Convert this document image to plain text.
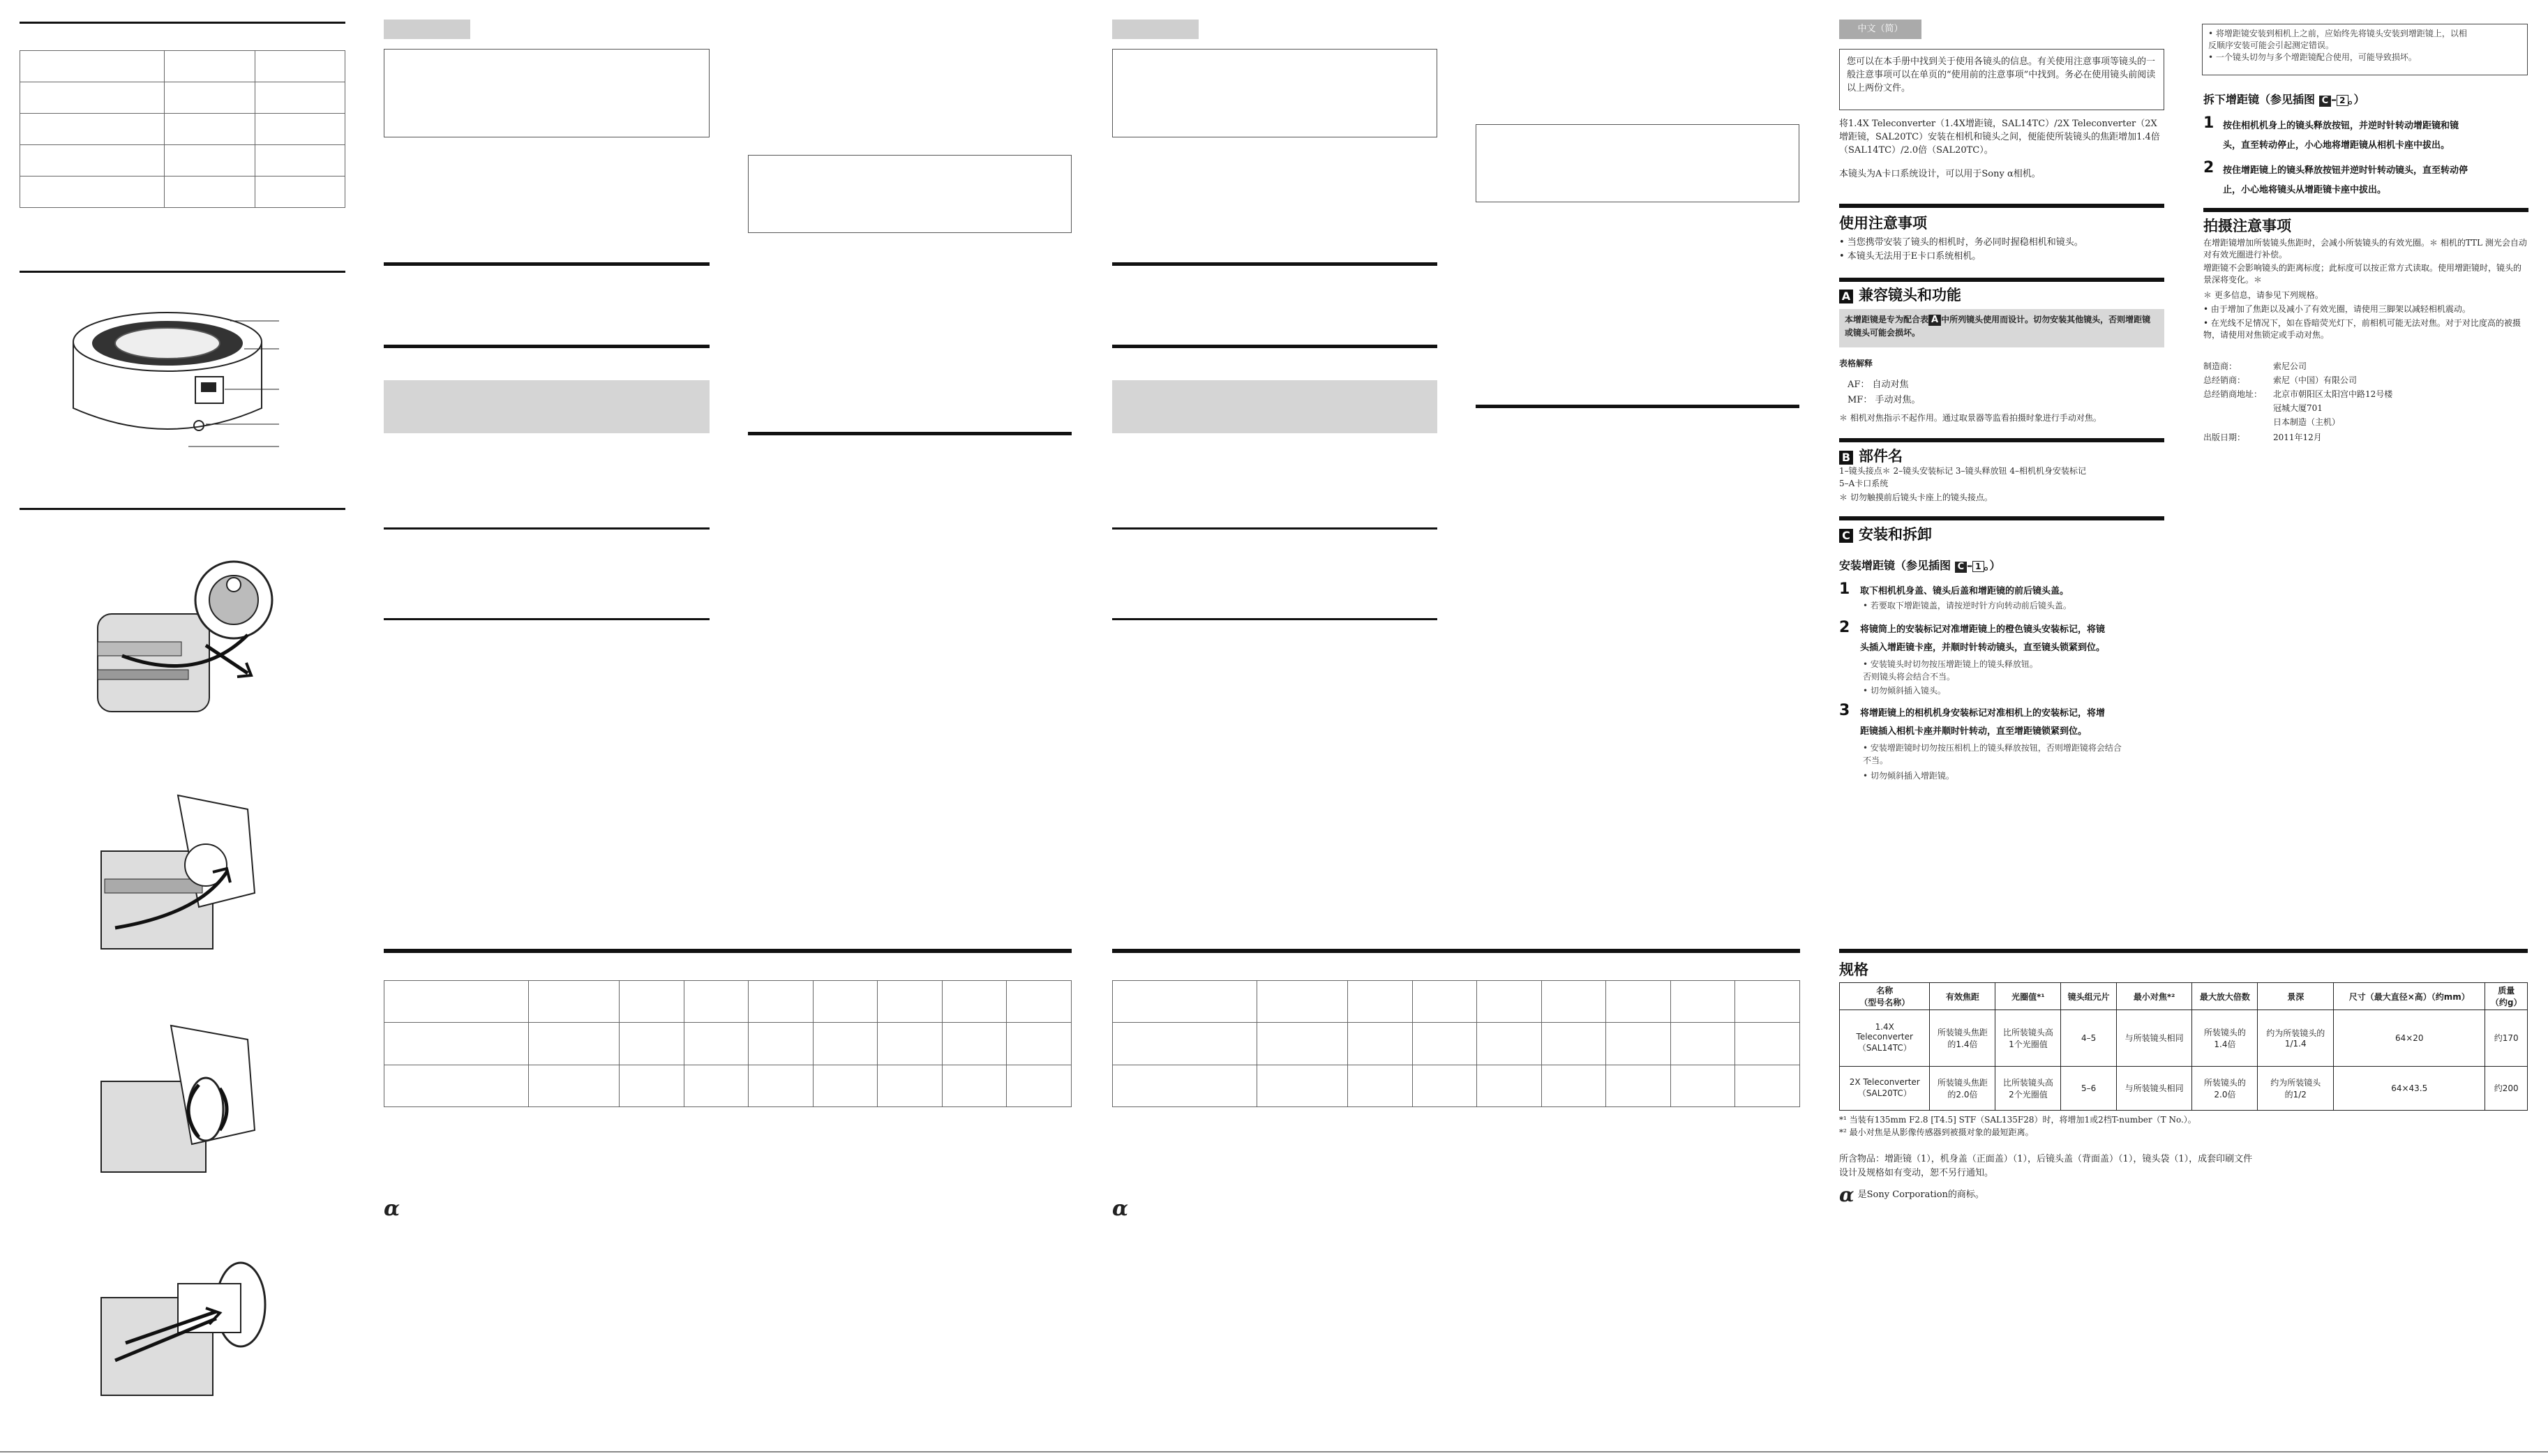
α

									α
中文（简）
您可以在本手册中找到关于使用各镜头的信息。有关使用注意事项等镜头的一般注意事项可以在单页的“使用前的注意事项”中找到。务必在使用镜头前阅读以上两份文件。
将1.4X Teleconverter（1.4X增距镜，SAL14TC）/2X Teleconverter（2X增距镜，SAL20TC）安装在相机和镜头之间，便能使所装镜头的焦距增加1.4倍（SAL14TC）/2.0倍（SAL20TC）。
本镜头为A卡口系统设计，可以用于Sony α相机。
使用注意事项
• 当您携带安装了镜头的相机时，务必同时握稳相机和镜头。
• 本镜头无法用于E卡口系统相机。
A 兼容镜头和功能
本增距镜是专为配合表 A 中所列镜头使用而设计。切勿安装其他镜头，否则增距镜或镜头可能会损坏。
表格解释
AF： 自动对焦
MF： 手动对焦。
＊ 相机对焦指示不起作用。通过取景器等监看拍摄时象进行手动对焦。
B 部件名
1–镜头接点＊ 2–镜头安装标记 3–镜头释放钮 4–相机机身安装标记
5–A卡口系统
＊ 切勿触摸前后镜头卡座上的镜头接点。
C 安装和拆卸
安装增距镜（参见插图 C – 1 。）
1 取下相机机身盖、镜头后盖和增距镜的前后镜头盖。
• 若要取下增距镜盖，请按逆时针方向转动前后镜头盖。
2 将镜筒上的安装标记对准增距镜上的橙色镜头安装标记，将镜
头插入增距镜卡座，并顺时针转动镜头，直至镜头锁紧到位。
• 安装镜头时切勿按压增距镜上的镜头释放钮。
否则镜头将会结合不当。
• 切勿倾斜插入镜头。
3 将增距镜上的相机机身安装标记对准相机上的安装标记，将增
距镜插入相机卡座并顺时针转动，直至增距镜锁紧到位。
• 安装增距镜时切勿按压相机上的镜头释放按钮，否则增距镜将会结合
不当。
• 切勿倾斜插入增距镜。
• 将增距镜安装到相机上之前，应始终先将镜头安装到增距镜上，以相
反顺序安装可能会引起测定错误。
• 一个镜头切勿与多个增距镜配合使用，可能导致损坏。
拆下增距镜（参见插图 C – 2 。）
1 按住相机机身上的镜头释放按钮，并逆时针转动增距镜和镜
头，直至转动停止，小心地将增距镜从相机卡座中拔出。
2 按住增距镜上的镜头释放按钮并逆时针转动镜头，直至转动停
止，小心地将镜头从增距镜卡座中拔出。
拍摄注意事项
在增距镜增加所装镜头焦距时，会减小所装镜头的有效光圈。＊ 相机的TTL 测光会自动对有效光圈进行补偿。
增距镜不会影响镜头的距离标度；此标度可以按正常方式读取。使用增距镜时，镜头的景深将变化。＊
＊ 更多信息，请参见下列规格。
• 由于增加了焦距以及减小了有效光圈，请使用三脚架以减轻相机震动。
• 在光线不足情况下，如在昏暗荧光灯下，前相机可能无法对焦。对于对比度高的被摄物，请使用对焦锁定或手动对焦。
制造商：	索尼公司
总经销商：	索尼（中国）有限公司
总经销商地址： 北京市朝阳区太阳宫中路12号楼
冠城大厦701
日本制造（主机）
出版日期：	2011年12月
规格
名称
（型号名称）	有效焦距	光圈值*¹	镜头组元片	最小对焦*²	最大放大倍数	景深	尺寸（最大直径×高）（约mm）	质量
（约g）
1.4X
Teleconverter
（SAL14TC）	所装镜头焦距
的1.4倍	比所装镜头高
1个光圈值	4–5	与所装镜头相同	所装镜头的
1.4倍	约为所装镜头的
1/1.4	64×20	约170
2X Teleconverter
（SAL20TC）	所装镜头焦距
的2.0倍	比所装镜头高
2个光圈值	5–6	与所装镜头相同	所装镜头的
2.0倍	约为所装镜头
的1/2	64×43.5	约200
*¹ 当装有135mm F2.8 [T4.5] STF（SAL135F28）时，将增加1或2档T-number（T No.）。
*² 最小对焦是从影像传感器到被摄对象的最短距离。
所含物品：增距镜（1），机身盖（正面盖）（1），后镜头盖（背面盖）（1），镜头袋（1），成套印刷文件
设计及规格如有变动，恕不另行通知。
α $^{是Sony Corporation的商标。}$
